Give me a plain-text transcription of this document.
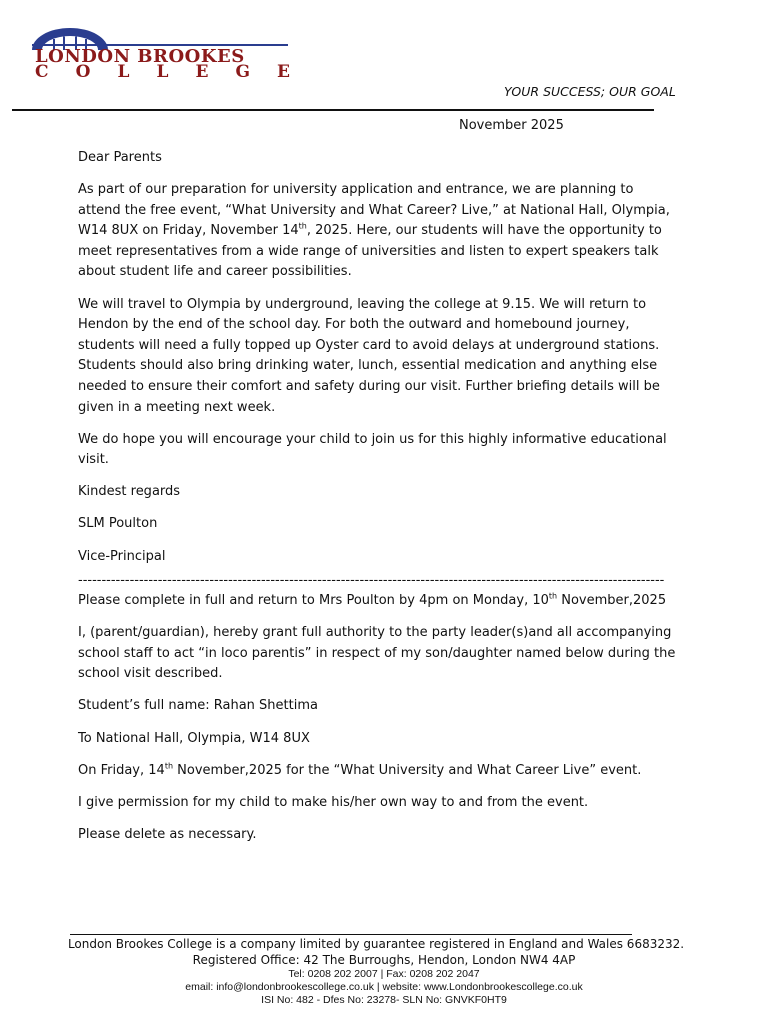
LONDON BROOKES
C O L L E G E
YOUR SUCCESS; OUR GOAL
November 2025

Dear Parents

As part of our preparation for university application and entrance, we are planning to attend the free event, “What University and What Career? Live,” at National Hall, Olympia, W14 8UX on Friday, November 14th, 2025. Here, our students will have the opportunity to meet representatives from a wide range of universities and listen to expert speakers talk about student life and career possibilities.

We will travel to Olympia by underground, leaving the college at 9.15. We will return to Hendon by the end of the school day. For both the outward and homebound journey, students will need a fully topped up Oyster card to avoid delays at underground stations. Students should also bring drinking water, lunch, essential medication and anything else needed to ensure their comfort and safety during our visit. Further briefing details will be given in a meeting next week.

We do hope you will encourage your child to join us for this highly informative educational visit.

Kindest regards

SLM Poulton

Vice-Principal

-----------------------------------------------------------------------------------------------------------------------------

Please complete in full and return to Mrs Poulton by 4pm on Monday, 10th November,2025

I, (parent/guardian), hereby grant full authority to the party leader(s)and all accompanying school staff to act “in loco parentis” in respect of my son/daughter named below during the school visit described.

Student’s full name: Rahan Shettima

To National Hall, Olympia, W14 8UX

On Friday, 14th November,2025 for the “What University and What Career Live” event.

I give permission for my child to make his/her own way to and from the event.

Please delete as necessary.

London Brookes College is a company limited by guarantee registered in England and Wales 6683232.
Registered Office: 42 The Burroughs, Hendon, London NW4 4AP
Tel: 0208 202 2007 | Fax: 0208 202 2047
email: info@londonbrookescollege.co.uk | website: www.Londonbrookescollege.co.uk
ISI No: 482 - Dfes No: 23278- SLN No: GNVKF0HT9
